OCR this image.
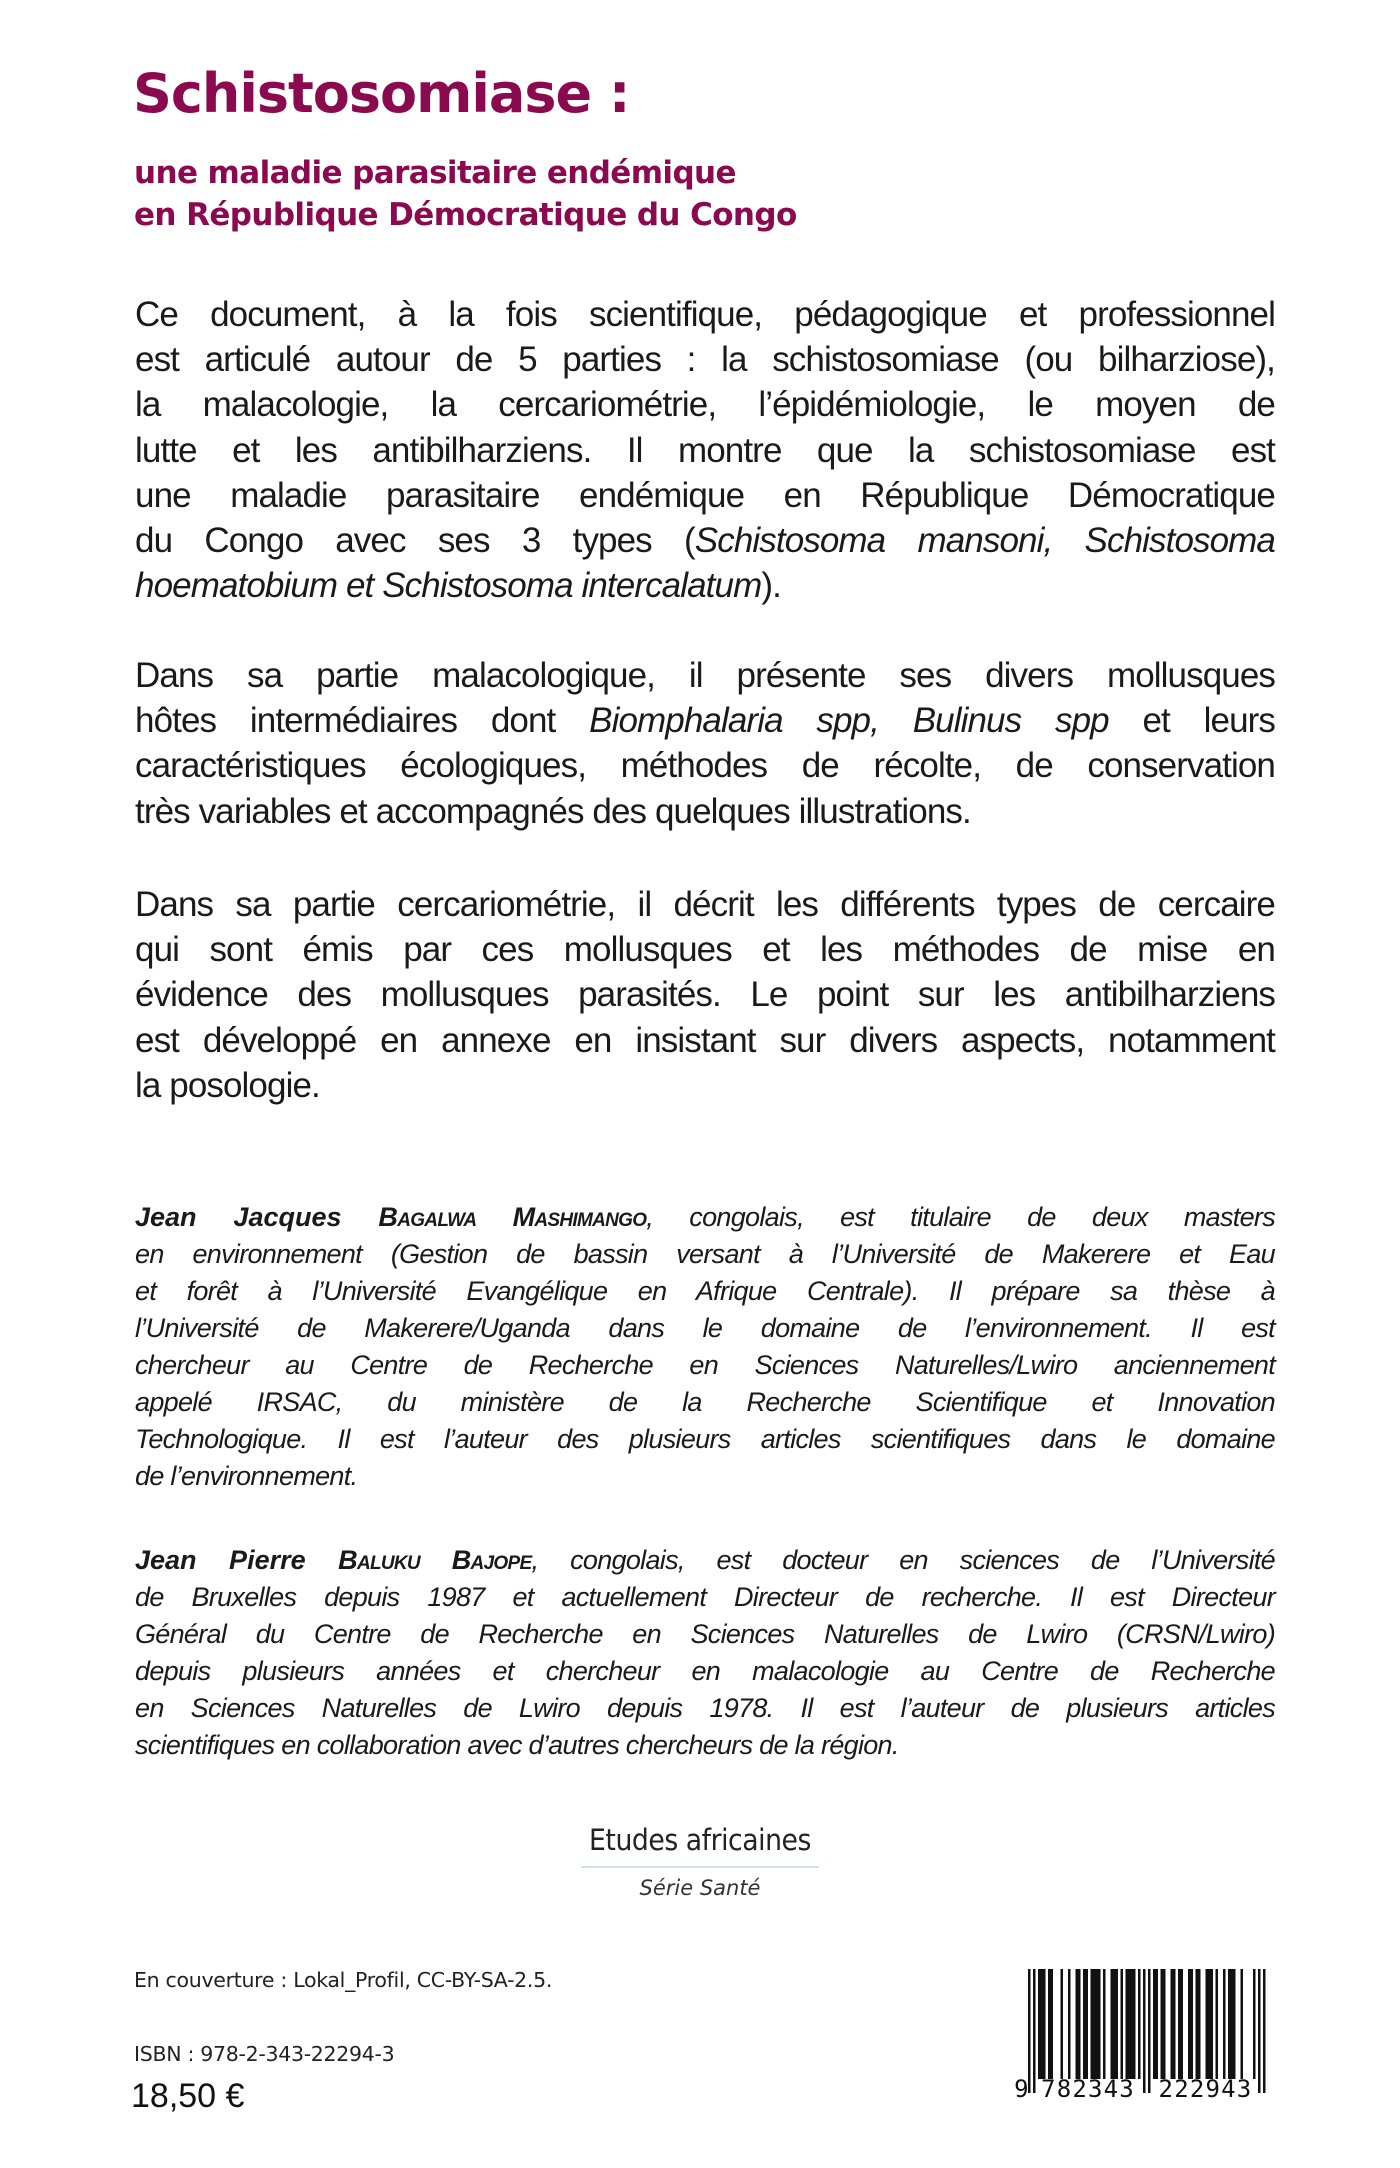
Schistosomiase :
une maladie parasitaire endémique
en République Démocratique du Congo
Ce document, à la fois scientifique, pédagogique et professionnel
est articulé autour de 5 parties : la schistosomiase (ou bilharziose),
la malacologie, la cercariométrie, l’épidémiologie, le moyen de
lutte et les antibilharziens. Il montre que la schistosomiase est
une maladie parasitaire endémique en République Démocratique
du Congo avec ses 3 types (Schistosoma mansoni, Schistosoma
hoematobium et Schistosoma intercalatum).
Dans sa partie malacologique, il présente ses divers mollusques
hôtes intermédiaires dont Biomphalaria spp, Bulinus spp et leurs
caractéristiques écologiques, méthodes de récolte, de conservation
très variables et accompagnés des quelques illustrations.
Dans sa partie cercariométrie, il décrit les différents types de cercaire
qui sont émis par ces mollusques et les méthodes de mise en
évidence des mollusques parasités. Le point sur les antibilharziens
est développé en annexe en insistant sur divers aspects, notamment
la posologie.
Jean Jacques Bagalwa Mashimango, congolais, est titulaire de deux masters
en environnement (Gestion de bassin versant à l’Université de Makerere et Eau
et forêt à l’Université Evangélique en Afrique Centrale). Il prépare sa thèse à
l’Université de Makerere/Uganda dans le domaine de l’environnement. Il est
chercheur au Centre de Recherche en Sciences Naturelles/Lwiro anciennement
appelé IRSAC, du ministère de la Recherche Scientifique et Innovation
Technologique. Il est l’auteur des plusieurs articles scientifiques dans le domaine
de l’environnement.
Jean Pierre Baluku Bajope, congolais, est docteur en sciences de l’Université
de Bruxelles depuis 1987 et actuellement Directeur de recherche. Il est Directeur
Général du Centre de Recherche en Sciences Naturelles de Lwiro (CRSN/Lwiro)
depuis plusieurs années et chercheur en malacologie au Centre de Recherche
en Sciences Naturelles de Lwiro depuis 1978. Il est l’auteur de plusieurs articles
scientifiques en collaboration avec d’autres chercheurs de la région.
Etudes africaines
Série Santé
En couverture : Lokal_Profil, CC-BY-SA-2.5.
ISBN : 978-2-343-22294-3
18,50 €	9 782343 222943
